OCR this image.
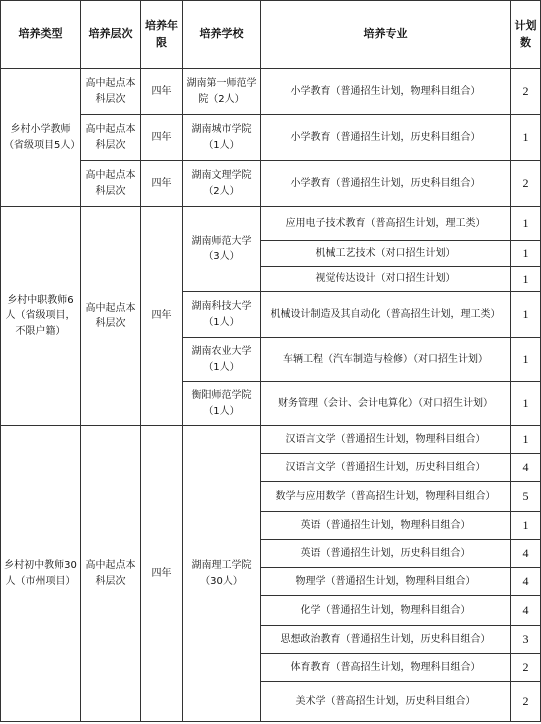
培养类型	培养层次	培养年限	培养学校	培养专业	计划数
乡村小学教师（省级项目5人）	高中起点本科层次	四年	湖南第一师范学院（2人）	小学教育（普通招生计划，物理科目组合）	2
	高中起点本科层次	四年	湖南城市学院（1人）	小学教育（普通招生计划，历史科目组合）	1
	高中起点本科层次	四年	湖南文理学院（2人）	小学教育（普通招生计划，历史科目组合）	2
乡村中职教师6人（省级项目，不限户籍）	高中起点本科层次	四年	湖南师范大学（3人）	应用电子技术教育（普高招生计划，理工类）	1
				机械工艺技术（对口招生计划）	1
				视觉传达设计（对口招生计划）	1
			湖南科技大学（1人）	机械设计制造及其自动化（普高招生计划，理工类）	1
			湖南农业大学（1人）	车辆工程（汽车制造与检修）（对口招生计划）	1
			衡阳师范学院（1人）	财务管理（会计、会计电算化）（对口招生计划）	1
乡村初中教师30人（市州项目）	高中起点本科层次	四年	湖南理工学院（30人）	汉语言文学（普通招生计划，物理科目组合）	1
				汉语言文学（普通招生计划，历史科目组合）	4
				数学与应用数学（普高招生计划，物理科目组合）	5
				英语（普通招生计划，物理科目组合）	1
				英语（普通招生计划，历史科目组合）	4
				物理学（普通招生计划，物理科目组合）	4
				化学（普通招生计划，物理科目组合）	4
				思想政治教育（普通招生计划，历史科目组合）	3
				体育教育（普高招生计划，物理科目组合）	2
				美术学（普高招生计划，历史科目组合）	2
